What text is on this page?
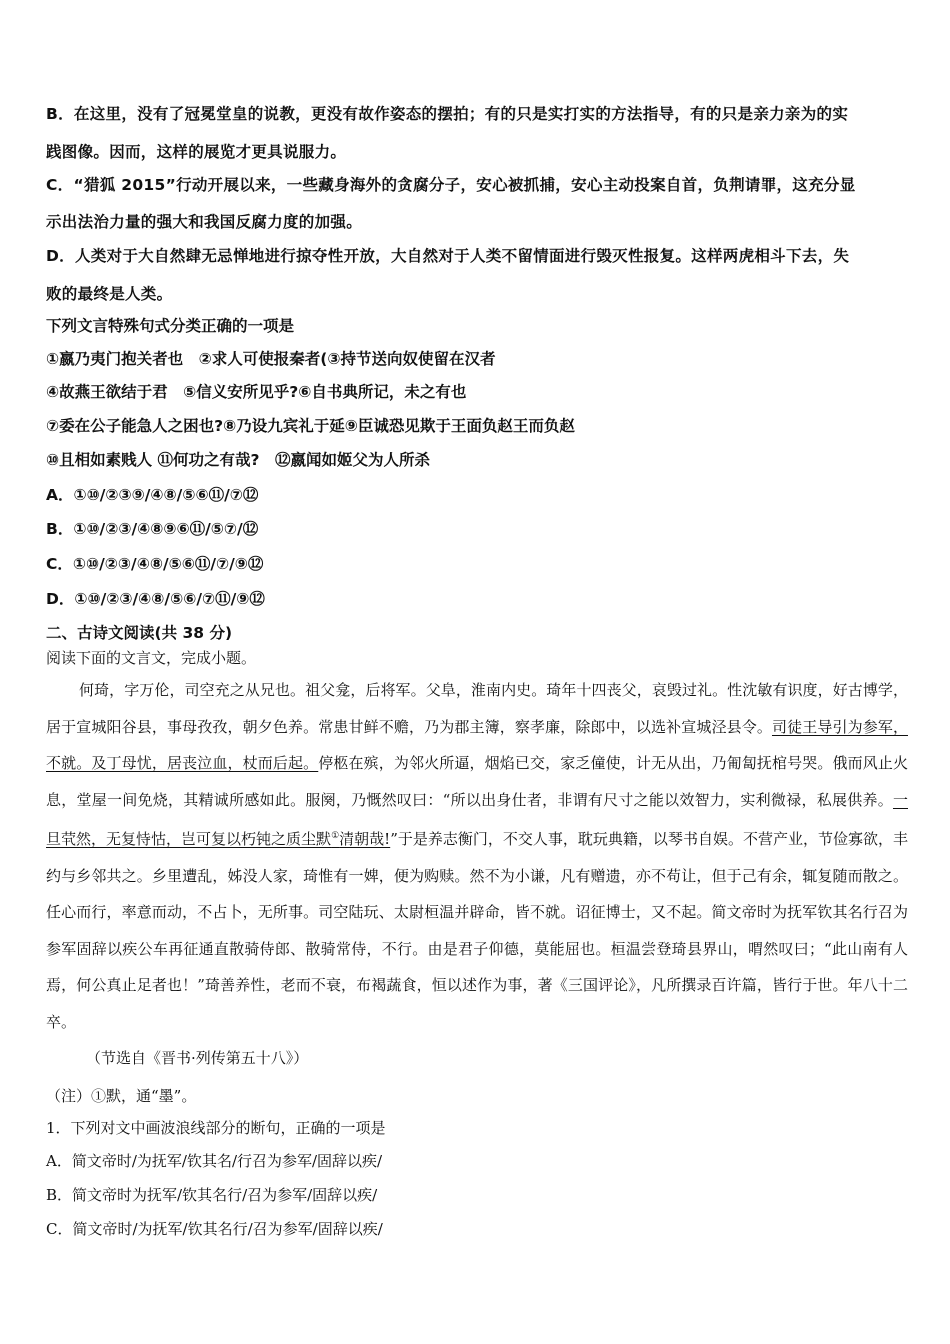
B．在这里，没有了冠冕堂皇的说教，更没有故作姿态的摆拍；有的只是实打实的方法指导，有的只是亲力亲为的实
践图像。因而，这样的展览才更具说服力。
C．“猎狐 2015”行动开展以来，一些藏身海外的贪腐分子，安心被抓捕，安心主动投案自首，负荆请罪，这充分显
示出法治力量的强大和我国反腐力度的加强。
D．人类对于大自然肆无忌惮地进行掠夺性开放，大自然对于人类不留情面进行毁灭性报复。这样两虎相斗下去，失
败的最终是人类。
下列文言特殊句式分类正确的一项是
①嬴乃夷门抱关者也　②求人可使报秦者(③持节送向奴使留在汉者
④故燕王欲结于君　⑤信义安所见乎?⑥自书典所记，未之有也
⑦委在公子能急人之困也?⑧乃设九宾礼于延⑨臣诚恐见欺于王面负赵王而负赵
⑩且相如素贱人 ⑪何功之有哉?　⑫嬴闻如姬父为人所杀
A．①⑩/②③⑨/④⑧/⑤⑥⑪/⑦⑫
B．①⑩/②③/④⑧⑨⑥⑪/⑤⑦/⑫
C．①⑩/②③/④⑧/⑤⑥⑪/⑦/⑨⑫
D．①⑩/②③/④⑧/⑤⑥/⑦⑪/⑨⑫
二、古诗文阅读(共 38 分)
阅读下面的文言文，完成小题。

何琦，字万伦，司空充之从兄也。祖父龛，后将军。父阜，淮南内史。琦年十四丧父，哀毁过礼。性沈敏有识度，好古博学，居于宣城阳谷县，事母孜孜，朝夕色养。常患甘鲜不赡，乃为郡主簿，察孝廉，除郎中，以选补宣城泾县令。司徒王导引为参军，不就。及丁母忧，居丧泣血，杖而后起。停柩在殡，为邻火所逼，烟焰已交，家乏僮使，计无从出，乃匍匐抚棺号哭。俄而风止火息，堂屋一间免烧，其精诚所感如此。服阕，乃慨然叹曰：“所以出身仕者，非谓有尺寸之能以效智力，实利微禄，私展供养。一旦茕然，无复恃怙，岂可复以朽钝之质尘默①清朝哉!”于是养志衡门，不交人事，耽玩典籍，以琴书自娱。不营产业，节俭寡欲，丰约与乡邻共之。乡里遭乱，姊没人家，琦惟有一婢，便为购赎。然不为小谦，凡有赠遗，亦不苟让，但于己有余，辄复随而散之。任心而行，率意而动，不占卜，无所事。司空陆玩、太尉桓温并辟命，皆不就。诏征博士，又不起。简文帝时为抚军钦其名行召为参军固辞以疾公车再征通直散骑侍郎、散骑常侍，不行。由是君子仰德，莫能屈也。桓温尝登琦县界山，喟然叹曰；“此山南有人焉，何公真止足者也！”琦善养性，老而不衰，布褐蔬食，恒以述作为事，著《三国评论》，凡所撰录百许篇，皆行于世。年八十二卒。

（节选自《晋书·列传第五十八》）

（注）①默，通“墨”。
1．下列对文中画波浪线部分的断句，正确的一项是
A．简文帝时/为抚军/钦其名/行召为参军/固辞以疾/
B．简文帝时为抚军/钦其名行/召为参军/固辞以疾/
C．简文帝时/为抚军/钦其名行/召为参军/固辞以疾/
